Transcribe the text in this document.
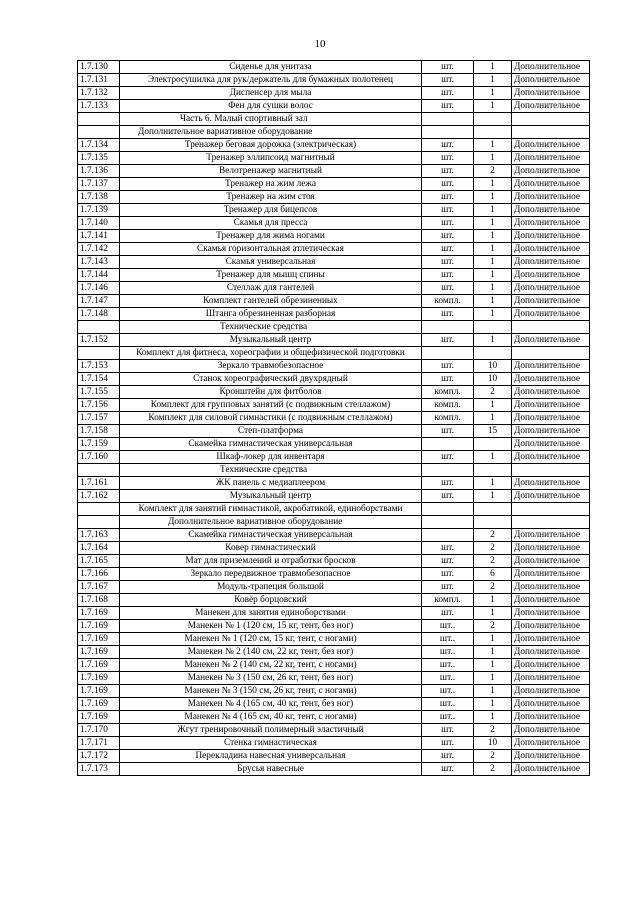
10
1.7.130	Сиденье для унитаза	шт.	1	Дополнительное
1.7.131	Электросушилка для рук/держатель для бумажных полотенец	шт.	1	Дополнительное
1.7.132	Диспенсер для мыла	шт.	1	Дополнительное
1.7.133	Фен для сушки волос	шт.	1	Дополнительное
	Часть 6. Малый спортивный зал			
	Дополнительное вариативное оборудование			
1.7.134	Тренажер беговая дорожка (электрическая)	шт.	1	Дополнительное
1.7.135	Тренажер эллипсоид магнитный	шт.	1	Дополнительное
1.7.136	Велотренажер магнитный	шт.	2	Дополнительное
1.7.137	Тренажер на жим лежа	шт.	1	Дополнительное
1.7.138	Тренажер на жим стоя	шт.	1	Дополнительное
1.7.139	Тренажер для бицепсов	шт.	1	Дополнительное
1.7.140	Скамья для пресса	шт.	1	Дополнительное
1.7.141	Тренажер для жима ногами	шт.	1	Дополнительное
1.7.142	Скамья горизонтальная атлетическая	шт.	1	Дополнительное
1.7.143	Скамья универсальная	шт.	1	Дополнительное
1.7.144	Тренажер для мышц спины	шт.	1	Дополнительное
1.7.146	Стеллаж для гантелей	шт.	1	Дополнительное
1.7.147	Комплект гантелей обрезиненных	компл.	1	Дополнительное
1.7.148	Штанга обрезиненная разборная	шт.	1	Дополнительное
	Технические средства			
1.7.152	Музыкальный центр	шт.	1	Дополнительное
	Комплект для фитнеса, хореографии и общефизической подготовки			
1.7.153	Зеркало травмобезопасное	шт.	10	Дополнительное
1.7.154	Станок хореографический двухрядный	шт.	10	Дополнительное
1.7.155	Кронштейн для фитболов	компл.	2	Дополнительное
1.7.156	Комплект для групповых занятий (с подвижным стеллажом)	компл.	1	Дополнительное
1.7.157	Комплект для силовой гимнастики (с подвижным стеллажом)	компл.	1	Дополнительное
1.7.158	Степ-платформа	шт.	15	Дополнительное
1.7.159	Скамейка гимнастическая универсальная			Дополнительное
1.7.160	Шкаф-локер для инвентаря	шт.	1	Дополнительное
	Технические средства			
1.7.161	ЖК панель с медиаплеером	шт.	1	Дополнительное
1.7.162	Музыкальный центр	шт.	1	Дополнительное
	Комплект для занятий гимнастикой, акробатикой, единоборствами			
	Дополнительное вариативное оборудование			
1.7.163	Скамейка гимнастическая универсальная		2	Дополнительное
1.7.164	Ковер гимнастический	шт.	2	Дополнительное
1.7.165	Мат для приземлений и отработки бросков	шт.	2	Дополнительное
1.7.166	Зеркало передвижное травмобезопасное	шт.	6	Дополнительное
1.7.167	Модуль-трапеция большой	шт.	2	Дополнительное
1.7.168	Ковёр борцовский	компл.	1	Дополнительное
1.7.169	Манекен для занятия единоборствами	шт.	1	Дополнительное
1.7.169	Манекен № 1 (120 см, 15 кг, тент, без ног)	шт..	2	Дополнительное
1.7.169	Манекен № 1 (120 см, 15 кг, тент, с ногами)	шт..	1	Дополнительное
1.7.169	Манекен № 2 (140 см, 22 кг, тент, без ног)	шт..	1	Дополнительное
1.7.169	Манекен № 2 (140 см, 22 кг, тент, с ногами)	шт..	1	Дополнительное
1.7.169	Манекен № 3 (150 см, 26 кг, тент, без ног)	шт..	1	Дополнительное
1.7.169	Манекен № 3 (150 см, 26 кг, тент, с ногами)	шт..	1	Дополнительное
1.7.169	Манекен № 4 (165 см, 40 кг, тент, без ног)	шт..	1	Дополнительное
1.7.169	Манекен № 4 (165 см, 40 кг, тент, с ногами)	шт..	1	Дополнительное
1.7.170	Жгут тренировочный полимерный эластичный	шт.	2	Дополнительное
1.7.171	Стенка гимнастическая	шт.	10	Дополнительное
1.7.172	Перекладина навесная универсальная	шт.	2	Дополнительное
1.7.173	Брусья навесные	шт.	2	Дополнительное
